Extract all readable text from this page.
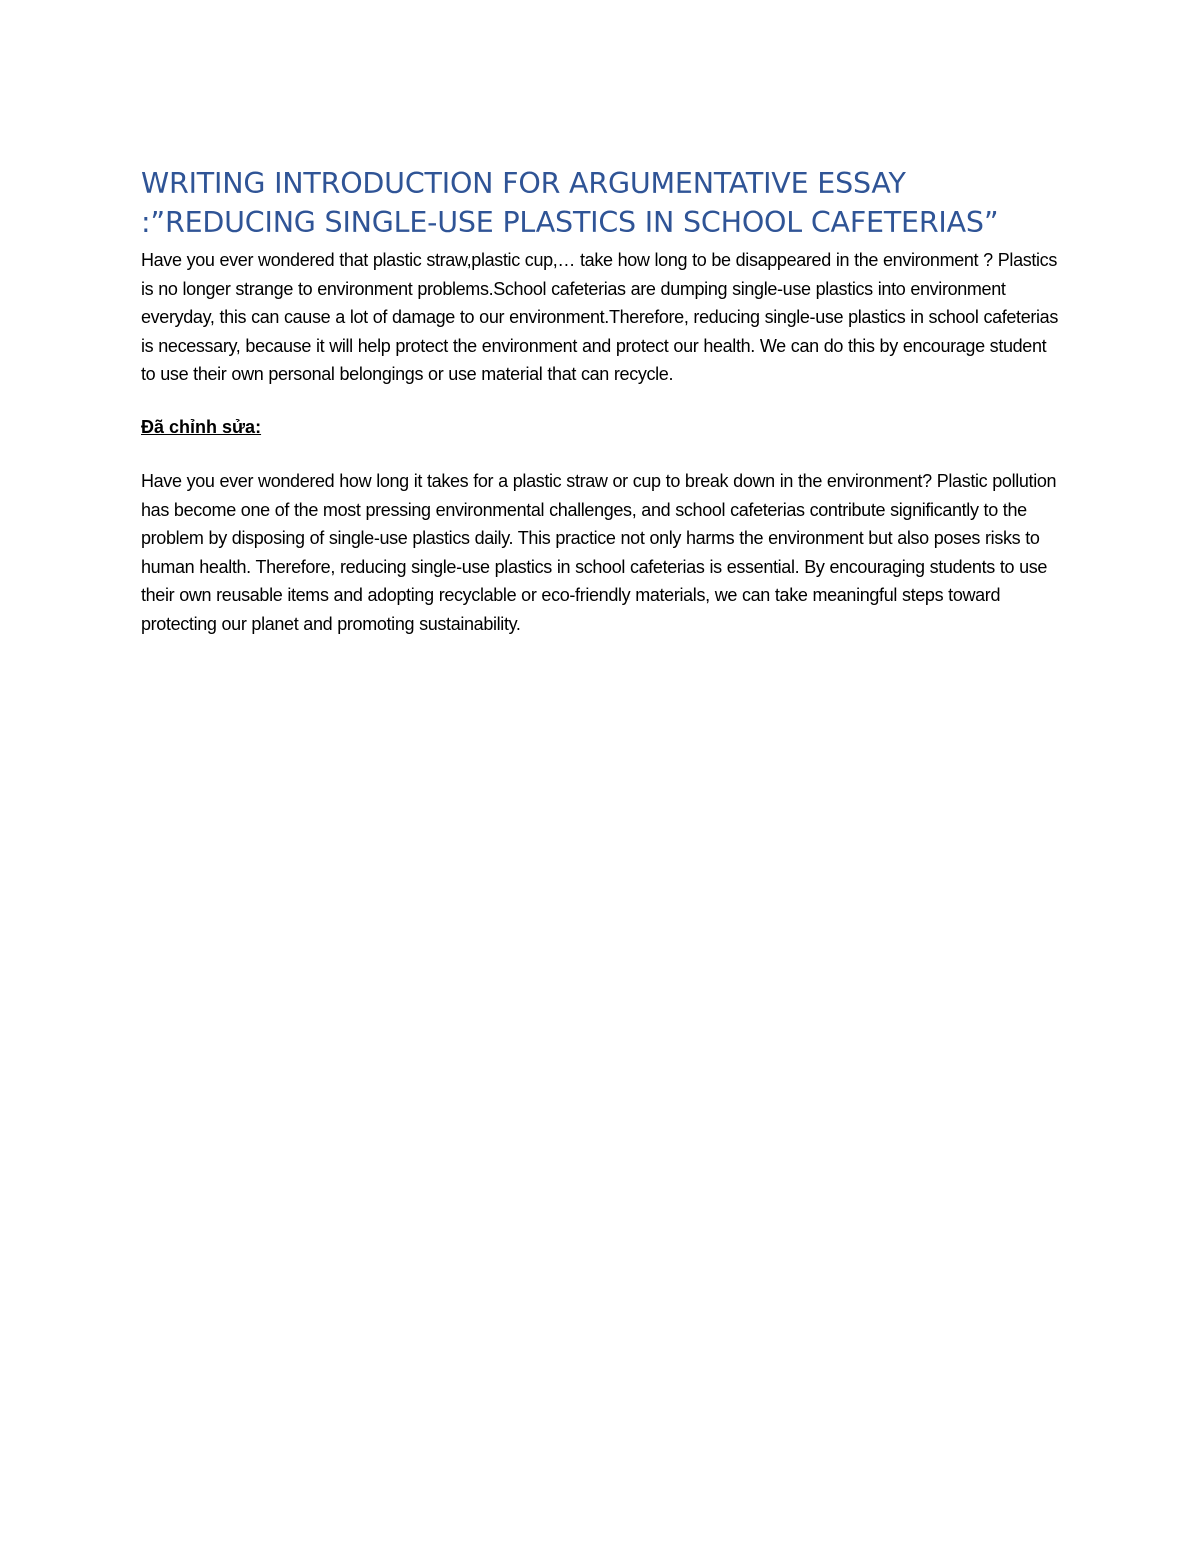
WRITING INTRODUCTION FOR ARGUMENTATIVE ESSAY :”REDUCING SINGLE-USE PLASTICS IN SCHOOL CAFETERIAS”

Have you ever wondered that plastic straw,plastic cup,… take how long to be disappeared in the environment ? Plastics is no longer strange to environment problems.School cafeterias are dumping single-use plastics into environment everyday, this can cause a lot of damage to our environment.Therefore, reducing single-use plastics in school cafeterias is necessary, because it will help protect the environment and protect our health. We can do this by encourage student to use their own personal belongings or use material that can recycle.

Đã chỉnh sửa:

Have you ever wondered how long it takes for a plastic straw or cup to break down in the environment? Plastic pollution has become one of the most pressing environmental challenges, and school cafeterias contribute significantly to the problem by disposing of single-use plastics daily. This practice not only harms the environment but also poses risks to human health. Therefore, reducing single-use plastics in school cafeterias is essential. By encouraging students to use their own reusable items and adopting recyclable or eco-friendly materials, we can take meaningful steps toward protecting our planet and promoting sustainability.
